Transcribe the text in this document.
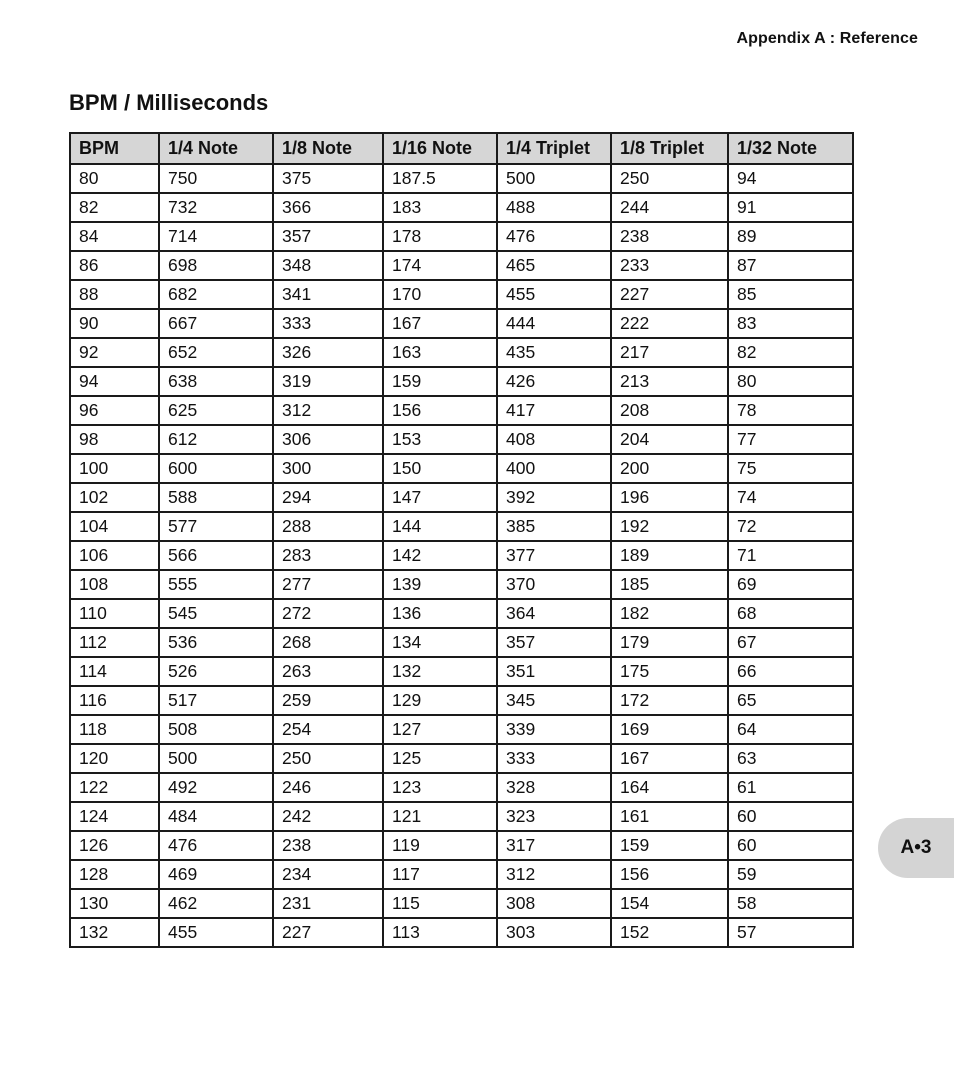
Appendix A : Reference
BPM / Milliseconds
BPM	1/4 Note	1/8 Note	1/16 Note	1/4 Triplet	1/8 Triplet	1/32 Note
80	750	375	187.5	500	250	94
82	732	366	183	488	244	91
84	714	357	178	476	238	89
86	698	348	174	465	233	87
88	682	341	170	455	227	85
90	667	333	167	444	222	83
92	652	326	163	435	217	82
94	638	319	159	426	213	80
96	625	312	156	417	208	78
98	612	306	153	408	204	77
100	600	300	150	400	200	75
102	588	294	147	392	196	74
104	577	288	144	385	192	72
106	566	283	142	377	189	71
108	555	277	139	370	185	69
110	545	272	136	364	182	68
112	536	268	134	357	179	67
114	526	263	132	351	175	66
116	517	259	129	345	172	65
118	508	254	127	339	169	64
120	500	250	125	333	167	63
122	492	246	123	328	164	61
124	484	242	121	323	161	60
126	476	238	119	317	159	60
128	469	234	117	312	156	59
130	462	231	115	308	154	58
132	455	227	113	303	152	57
A•3
